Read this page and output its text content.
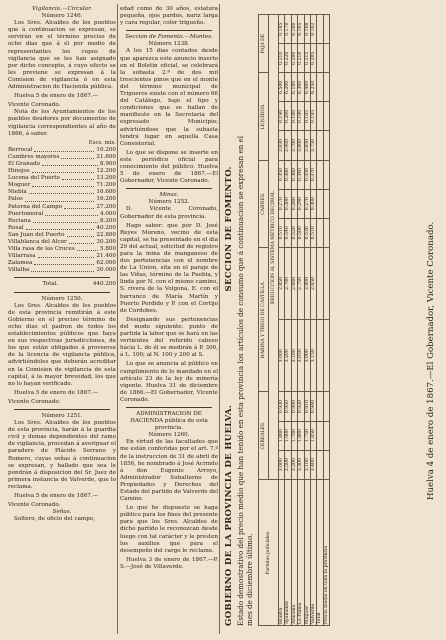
Vigilancia.—Circular.
Número 1246.

Los Sres. Alcaldes de los pueblos que á continuacion se expresan, se servirán en el término preciso de ocho dias que á él por medio de representantes los cupos de vigilancia que se les han asignado por dicho concepto, á cuyo efecto se les previene se expresan á la Comision de vigilancia ó en esta Administracion de Hacienda pública.

Huelva 5 de enero de 1867.—
Vicente Coronado.

Nota de los Ayuntamientos de los pueblos deudores por documentos de vigilancia correspondientes al año de 1866, á saber.

Escs. mls.
Berrocal	10.200
Cumbres mayores	21.600
El Granado	8.900
Hinojos	12.200
Lucena del Puerto	13.200
Moguer	71.200
Niebla	16.600
Palos	16.200
Paterna del Campo	27.200
Puertomoral	4.000
Rociana	8.200
Rosal	40.200
San Juan del Puerto	22.800
Villablanca del Alcor	30.200
Villa rasa de las Cruces	5.800
Villarrasa	21.400
Zalamea	62.000
Villalba	30.000
Total.	440.200
Número 1250.

Los Sres. Alcaldes de los pueblos de esta provincia remitirán á este Gobierno en el preciso término de ocho dias el padron de todos los establecimientos públicos que haya en sus respectivas jurisdicciones, de los que están obligados á proveerse de la licencia de vigilancia pública, advirtiéndoles que deberán acreditar en la Comision de vigilancia de esta capital, á la mayor brevedad, los que no lo hayan verificado.

Huelva 5 de enero de 1867.—
Vicente Coronado.
Número 1251.

Los Sres. Alcaldes de los pueblos de esta provincia, harán á la guardia civil y demas dependientes del ramo de vigilancia, procedan á averiguar el paradero de Plácido Serrano y Romero, cuyas señas á continuacion se expresan, y hallado que sea le pondrán á disposicion del Sr. Juez de primera instancia de Valverde, que lo reclama.

Huelva 5 de enero de 1867.—
Vicente Coronado.
Señas.

Soltero, de oficio del campo,

edad como de 30 años, estatura pequeña, ojos pardos, nariz larga y cara regular, color trigueño.

Seccion de Fomento.—Montes.
Número 1238.

A los 15 dias contados desde que aparezca este anuncio inserto en el Boletin oficial, se celebrará la subasta 2.ª de dos mil trescientos pinos que en el monte del término municipal de Trigueros existe con el número 66 del Catálogo, bajo el tipo y condiciones que se hallan de manifiesto en la Secretaria del expresado Municipio; advirtiéndose que la subasta tendrá lugar en aquella Casa Consistorial.

Lo que se dispone se inserte en este periódico oficial para conocimiento del público. Huelva 5 de enero de 1867.—El Gobernador, Vicente Coronado.

Minas.
Número 1252.

D. Vicente Coronado, Gobernador de esta provincia.

Hago saber: que por D. José Reyes Moreno, vecino de esta capital, se ha presentado en el dia 29 del actual, solicitud de registro para la mina de manganeso de dos pertenencias con el nombre de La Union, sita en el paraje de las Viñas, término de la Puebla, y linda por N. con el mismo camino, S. rivera de la Volgona, E. con el barranco de María Martín y Puerto Perdido y P. con el Cortijo de Cordobes.

Designando sus pertenencias del modo siguiente: punto de partida la labor que se hará en las vertientes del referido cabezo hácia L. de él se medirán á P. 300, á L. 100; al N. 100 y 200 al S.

Lo que se anuncia al público en cumplimiento de lo mandado en el artículo 23 de la ley de minería vigente. Huelva 31 de diciembre de 1866.—El Gobernador, Vicente Coronado.

ADMINISTRACION DE HACIENDA pública de esta provincia.
Número 1260.

En virtud de las facultades que me están conferidas por el art. 7.º de la instruccion de 31 de abril de 1856, he nombrado á José Acrmdo á don Eugenio Arroyo, Administrador Subalterno de Propiedades y Derechos del Estado del partido de Valverde del Camino.

Lo que he dispuesto se haga público para los fines del presente para que los Sres. Alcaldes de dicho partido le reconozcan desde luego con tal carácter y le presten los auxilios que para el desempeño del cargo le reclame.

Huelva 3 de enero de 1867.—P. S.—José de Villaverde.	GOBIERNO DE LA PROVINCIA DE HUELVA. SECCION DE FOMENTO. Estado demostrativo del precio medio que han tenido en esta provincia los artículos de consumo que á continuacion se expresan en el mes de diciembre último.	Partidos judiciales.	CEREALES.			HARINA Y TRIGO DE CASTILLA.		CARNES.			LÍQUIDOS.			PAJA DE	
	REDUCCION AL SISTEMA MÉTRICO DECIMAL.												
Huelva	3.000	1.800	0.930	3.000	2.850	0.510	0.270	0.350	3.830	0.190	6.500	0.210	0.165
Ayamonte	3.500	1.900	0.950	3.200	2.700	0.540	0.300	0.380	3.900	0.200	6.200	0.220	0.170
Aracena	3.200	1.700	0.900	3.100	2.600	0.520	0.280	0.360	3.700	0.180	6.100	0.200	0.160
La Palma	3.300	1.800	0.920	3.050	2.750	0.500	0.290	0.340	3.800	0.190	6.300	0.210	0.165
Moguer	3.100	1.750	0.910	3.000	2.800	0.530	0.270	0.350	3.850	0.185	6.400	0.215	0.168
Valverde	3.400	1.850	0.940	3.150	2.650	0.510	0.300	0.370	3.750	0.195	6.250	0.205	0.162
Total													
Precio medio en toda la provincia													
Huelva 4 de enero de 1867.—El Gobernador, Vicente Coronado.
